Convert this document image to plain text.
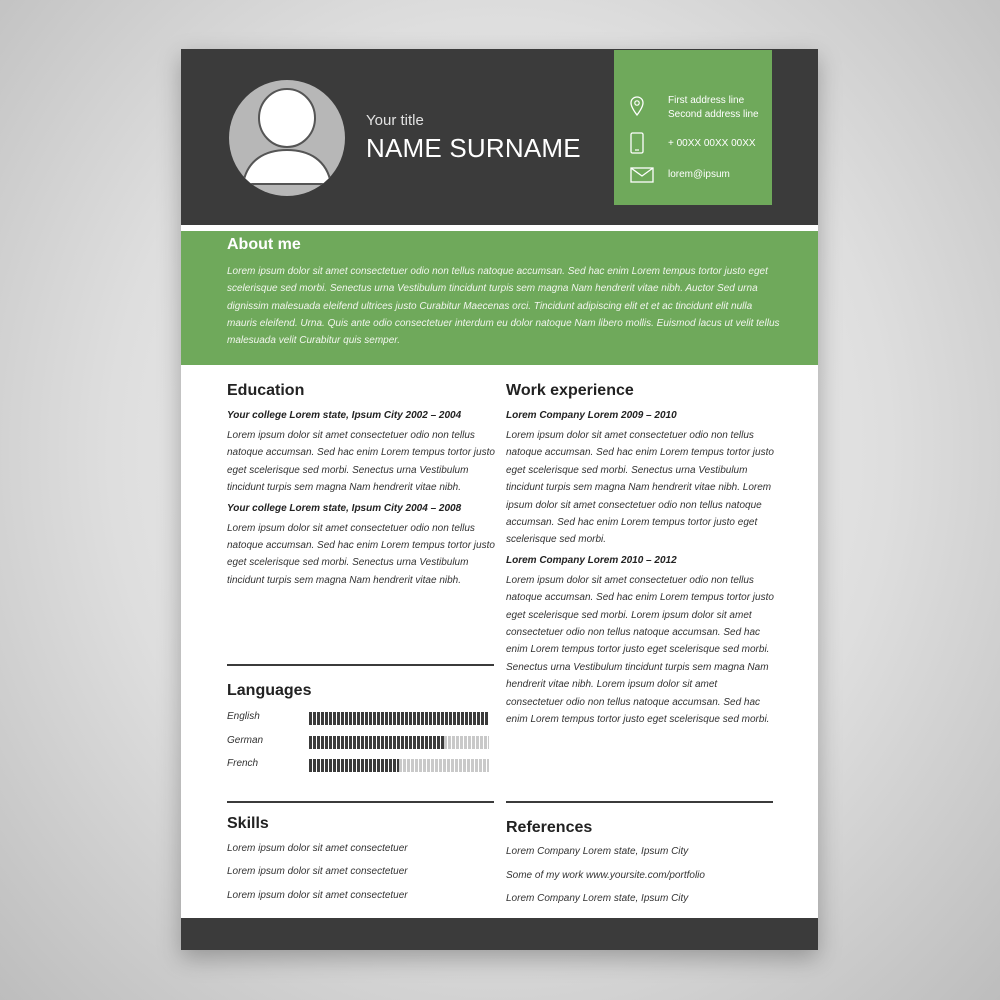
Your title
NAME SURNAME
First address line
Second address line
+ 00XX 00XX 00XX
lorem@ipsum
About me

Lorem ipsum dolor sit amet consectetuer odio non tellus natoque accumsan. Sed hac enim Lorem tempus tortor justo eget scelerisque sed morbi. Senectus urna Vestibulum tincidunt turpis sem magna Nam hendrerit vitae nibh. Auctor Sed urna dignissim malesuada eleifend ultrices justo Curabitur Maecenas orci. Tincidunt adipiscing elit et et ac tincidunt elit nulla mauris eleifend. Urna. Quis ante odio consectetuer interdum eu dolor natoque Nam libero mollis. Euismod lacus ut velit tellus malesuada velit Curabitur quis semper.

Education
Your college Lorem state, Ipsum City 2002 – 2004

Lorem ipsum dolor sit amet consectetuer odio non tellus natoque accumsan. Sed hac enim Lorem tempus tortor justo eget scelerisque sed morbi. Senectus urna Vestibulum tincidunt turpis sem magna Nam hendrerit vitae nibh.

Your college Lorem state, Ipsum City 2004 – 2008

Lorem ipsum dolor sit amet consectetuer odio non tellus natoque accumsan. Sed hac enim Lorem tempus tortor justo eget scelerisque sed morbi. Senectus urna Vestibulum tincidunt turpis sem magna Nam hendrerit vitae nibh.

Languages
English
German
French
Skills
Lorem ipsum dolor sit amet consectetuer
Lorem ipsum dolor sit amet consectetuer
Lorem ipsum dolor sit amet consectetuer
Work experience
Lorem Company Lorem 2009 – 2010

Lorem ipsum dolor sit amet consectetuer odio non tellus natoque accumsan. Sed hac enim Lorem tempus tortor justo eget scelerisque sed morbi. Senectus urna Vestibulum tincidunt turpis sem magna Nam hendrerit vitae nibh. Lorem ipsum dolor sit amet consectetuer odio non tellus natoque accumsan. Sed hac enim Lorem tempus tortor justo eget scelerisque sed morbi.

Lorem Company Lorem 2010 – 2012

Lorem ipsum dolor sit amet consectetuer odio non tellus natoque accumsan. Sed hac enim Lorem tempus tortor justo eget scelerisque sed morbi. Lorem ipsum dolor sit amet consectetuer odio non tellus natoque accumsan. Sed hac enim Lorem tempus tortor justo eget scelerisque sed morbi. Senectus urna Vestibulum tincidunt turpis sem magna Nam hendrerit vitae nibh. Lorem ipsum dolor sit amet consectetuer odio non tellus natoque accumsan. Sed hac enim Lorem tempus tortor justo eget scelerisque sed morbi.

References
Lorem Company Lorem state, Ipsum City
Some of my work www.yoursite.com/portfolio
Lorem Company Lorem state, Ipsum City
